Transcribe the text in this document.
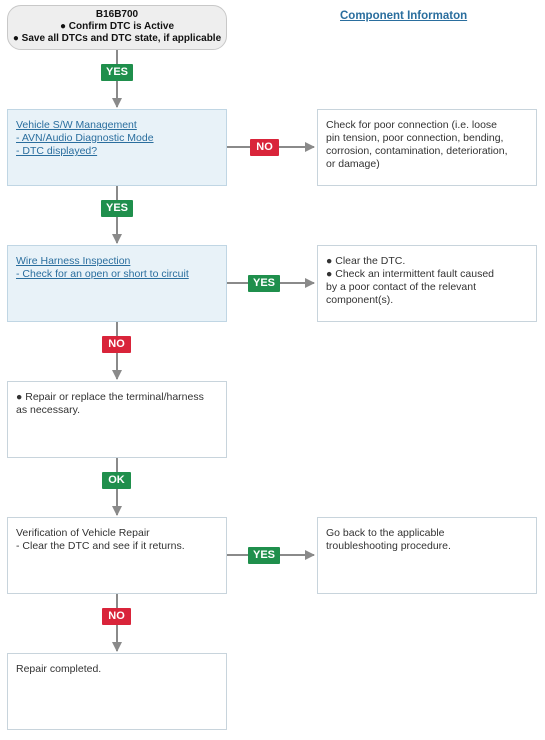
B16B700
● Confirm DTC is Active
● Save all DTCs and DTC state, if applicable
Component Informaton
Vehicle S/W Management
- AVN/Audio Diagnostic Mode
- DTC displayed?
Check for poor connection (i.e. loose
pin tension, poor connection, bending,
corrosion, contamination, deterioration,
or damage)
Wire Harness Inspection
- Check for an open or short to circuit
● Clear the DTC.
● Check an intermittent fault caused
by a poor contact of the relevant
component(s).
● Repair or replace the terminal/harness
as necessary.
Verification of Vehicle Repair
- Clear the DTC and see if it returns.
Go back to the applicable
troubleshooting procedure.
Repair completed.
YES
NO
YES
YES
NO
OK
YES
NO
